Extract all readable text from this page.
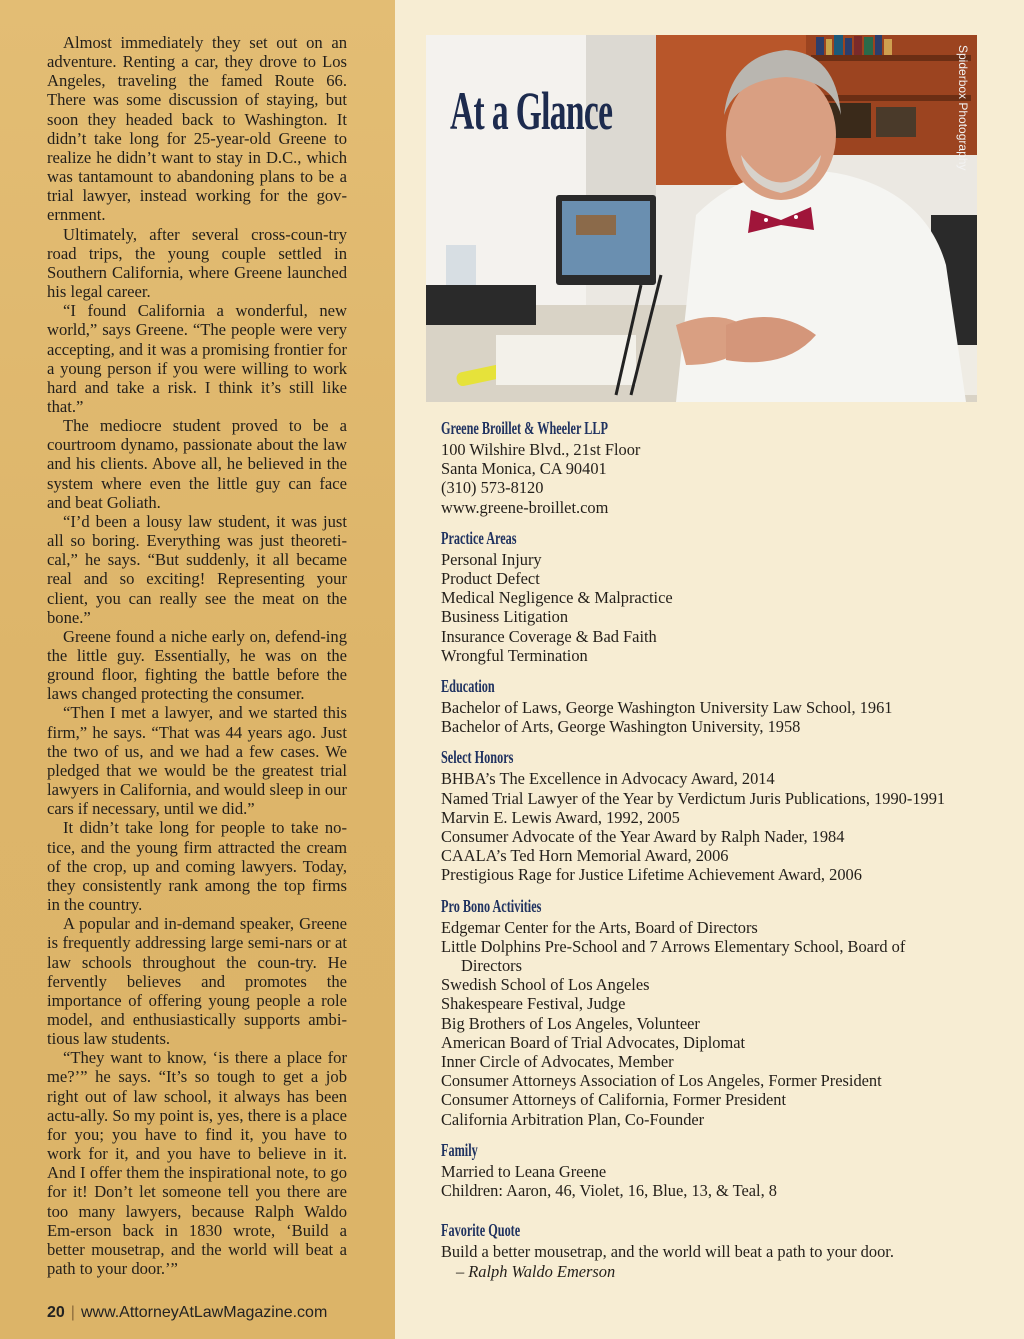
Almost immediately they set out on an adventure. Renting a car, they drove to Los Angeles, traveling the famed Route 66. There was some discussion of staying, but soon they headed back to Washington. It didn’t take long for 25-year-old Greene to realize he didn’t want to stay in D.C., which was tantamount to abandoning plans to be a trial lawyer, instead working for the gov-ernment.

Ultimately, after several cross-coun-try road trips, the young couple settled in Southern California, where Greene launched his legal career.

“I found California a wonderful, new world,” says Greene. “The people were very accepting, and it was a promising frontier for a young person if you were willing to work hard and take a risk. I think it’s still like that.”

The mediocre student proved to be a courtroom dynamo, passionate about the law and his clients. Above all, he believed in the system where even the little guy can face and beat Goliath.

“I’d been a lousy law student, it was just all so boring. Everything was just theoreti-cal,” he says. “But suddenly, it all became real and so exciting! Representing your client, you can really see the meat on the bone.”

Greene found a niche early on, defend-ing the little guy. Essentially, he was on the ground floor, fighting the battle before the laws changed protecting the consumer.

“Then I met a lawyer, and we started this firm,” he says. “That was 44 years ago. Just the two of us, and we had a few cases. We pledged that we would be the greatest trial lawyers in California, and would sleep in our cars if necessary, until we did.”

It didn’t take long for people to take no-tice, and the young firm attracted the cream of the crop, up and coming lawyers. Today, they consistently rank among the top firms in the country.

A popular and in-demand speaker, Greene is frequently addressing large semi-nars or at law schools throughout the coun-try. He fervently believes and promotes the importance of offering young people a role model, and enthusiastically supports ambi-tious law students.

“They want to know, ‘is there a place for me?’” he says. “It’s so tough to get a job right out of law school, it always has been actu-ally. So my point is, yes, there is a place for you; you have to find it, you have to work for it, and you have to believe in it. And I offer them the inspirational note, to go for it! Don’t let someone tell you there are too many lawyers, because Ralph Waldo Em-erson back in 1830 wrote, ‘Build a better mousetrap, and the world will beat a path to your door.’”

20 | www.AttorneyAtLawMagazine.com
Spiderbox Photography
At a Glance
Greene Broillet & Wheeler LLP
100 Wilshire Blvd., 21st Floor
Santa Monica, CA 90401
(310) 573-8120
www.greene-broillet.com
Practice Areas
Personal Injury
Product Defect
Medical Negligence & Malpractice
Business Litigation
Insurance Coverage & Bad Faith
Wrongful Termination
Education
Bachelor of Laws, George Washington University Law School, 1961
Bachelor of Arts, George Washington University, 1958
Select Honors
BHBA’s The Excellence in Advocacy Award, 2014
Named Trial Lawyer of the Year by Verdictum Juris Publications, 1990-1991
Marvin E. Lewis Award, 1992, 2005
Consumer Advocate of the Year Award by Ralph Nader, 1984
CAALA’s Ted Horn Memorial Award, 2006
Prestigious Rage for Justice Lifetime Achievement Award, 2006
Pro Bono Activities
Edgemar Center for the Arts, Board of Directors
Little Dolphins Pre-School and 7 Arrows Elementary School, Board of Directors
Swedish School of Los Angeles
Shakespeare Festival, Judge
Big Brothers of Los Angeles, Volunteer
American Board of Trial Advocates, Diplomat
Inner Circle of Advocates, Member
Consumer Attorneys Association of Los Angeles, Former President
Consumer Attorneys of California, Former President
California Arbitration Plan, Co-Founder
Family
Married to Leana Greene
Children: Aaron, 46, Violet, 16, Blue, 13, & Teal, 8
Favorite Quote
Build a better mousetrap, and the world will beat a path to your door.
– Ralph Waldo Emerson
